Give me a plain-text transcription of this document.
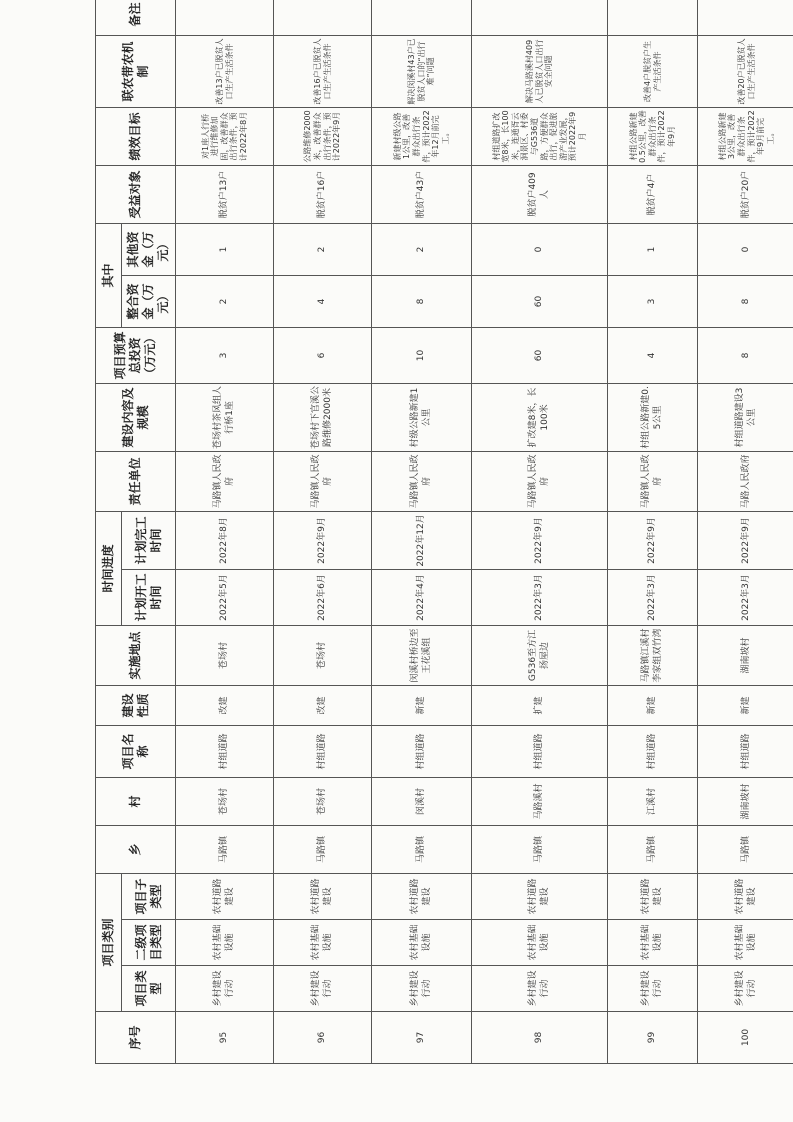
序号	项目类别			乡	村	项目名称	建设性质	实施地点	时间进度		责任单位	建设内容及规模	项目预算总投资（万元）	其中		受益对象	绩效目标	联农带农机制	备注
	项目类型	二级项目类型	项目子类型						计划开工时间	计划完工时间				整合资金（万元）	其他资金（万元）				
95	乡村建设行动	农村基础设施	农村道路建设	马路镇	苍场村	村组道路	改建	苍场村	2022年5月	2022年8月	马路镇人民政府	苍场村茶风组人行桥1座	3	2	1	脱贫户13户	对1座人行桥进行维修加固，改善群众出行条件，预计2022年8月	改善13户已脱贫人口生产生活条件	
96	乡村建设行动	农村基础设施	农村道路建设	马路镇	苍场村	村组道路	改建	苍场村	2022年6月	2022年9月	马路镇人民政府	苍场村下官溪公路维修2000米	6	4	2	脱贫户16户	公路维修2000米，改善群众出行条件，预计2022年9月	改善16户已脱贫人口生产生活条件	
97	乡村建设行动	农村基础设施	农村道路建设	马路镇	闵溪村	村组道路	新建	闵溪村桥边至王花溪组	2022年4月	2022年12月	马路镇人民政府	村级公路新建1公里	10	8	2	脱贫户43户	新建村级公路1公里，改善群众出行条件，预计2022年12月前完工。	解决闵溪村43户已脱贫人口的“出行难”问题	
98	乡村建设行动	农村基础设施	农村道路建设	马路镇	马路溪村	村组道路	扩建	G536至方江扬屋边	2022年3月	2022年9月	马路镇人民政府	扩改建8米，长100米	60	60	0	脱贫户409人	村组道路扩改宽8米，长100米，连通胥云洞景区、村委与G536道路，方便群众出行，促进旅游产业发展，预计2022年9月	解决马路溪村409人已脱贫人口出行安全问题	
99	乡村建设行动	农村基础设施	农村道路建设	马路镇	江溪村	村组道路	新建	马路镇江溪村李家组双竹湾	2022年3月	2022年9月	马路镇人民政府	村组公路新建0.5公里	4	3	1	脱贫户4户	村组公路新建0.5公里，改善群众出行条件，预计2022年9月	改善4户脱贫户生产生活条件	
100	乡村建设行动	农村基础设施	农村道路建设	马路镇	湖南坡村	村组道路	新建	湖南坡村	2022年3月	2022年9月	马路人民政府	村组道路建设3公里	8	8	0	脱贫户20户	村组公路新建3公里，改善群众出行条件，预计2022年9月前完工。	改善20户已脱贫人口生产生活条件	
